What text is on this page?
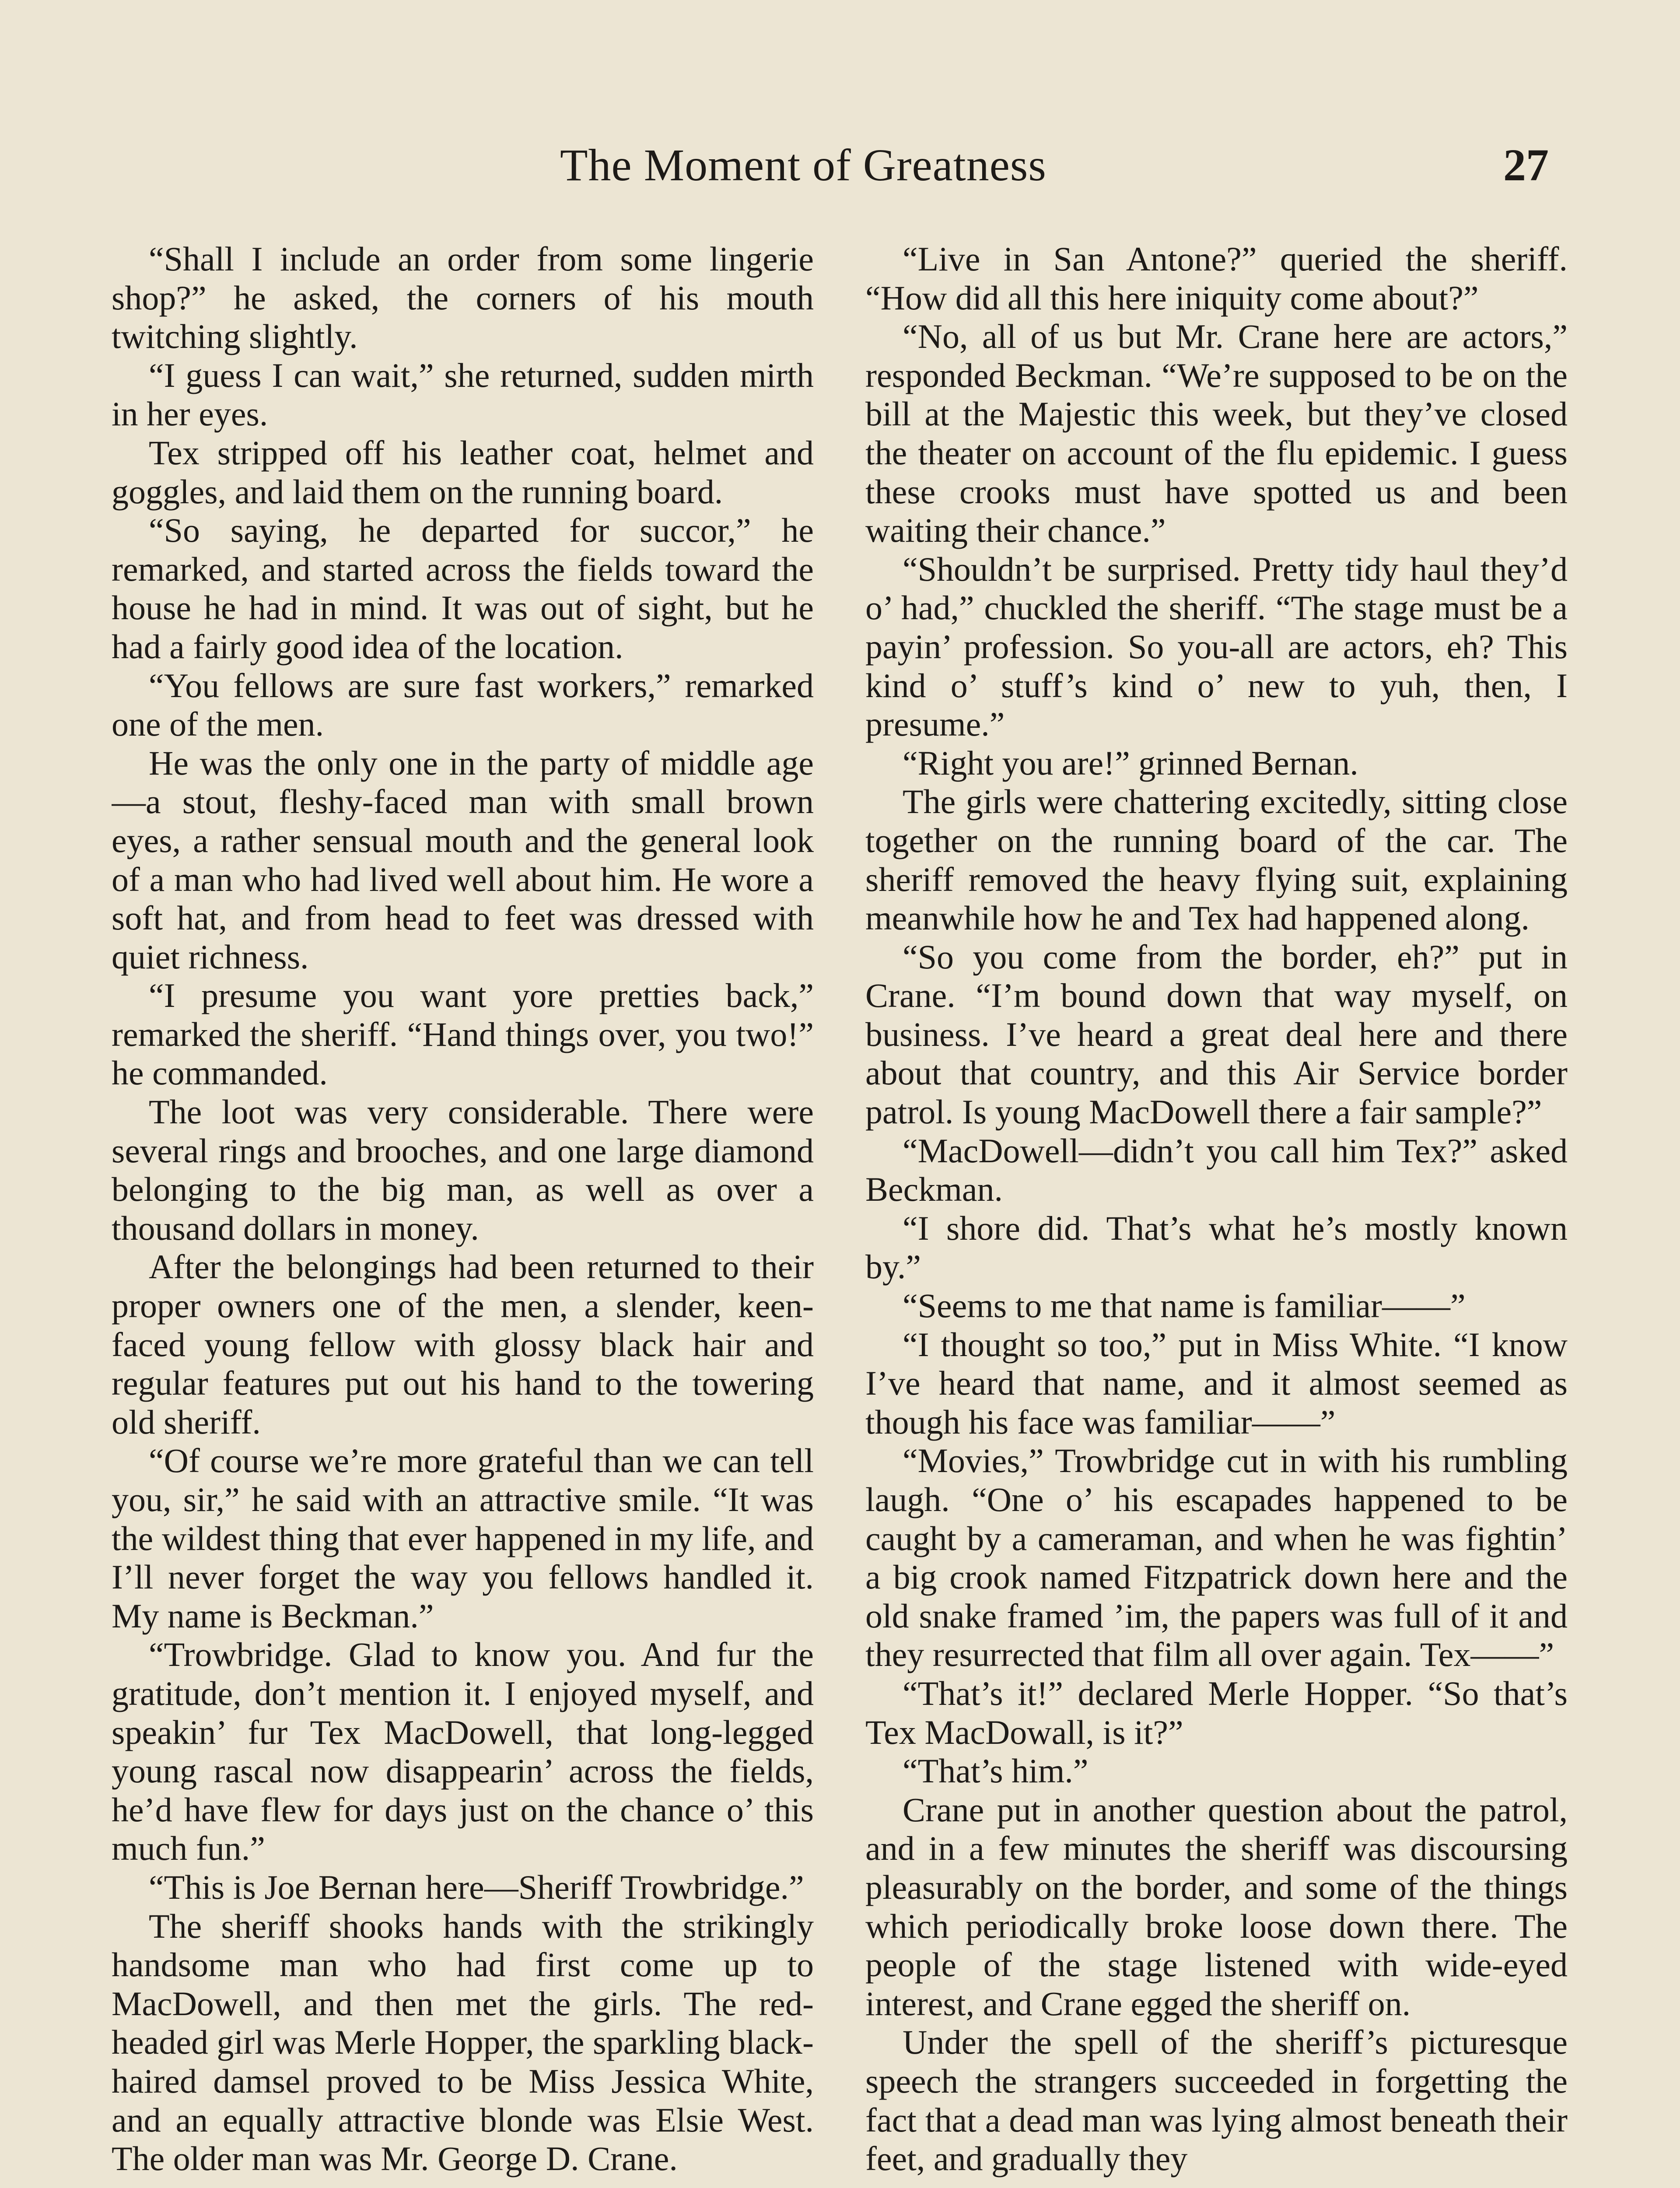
The Moment of Greatness	27

“Shall I include an order from some lingerie shop?” he asked, the corners of his mouth twitching slightly.

“I guess I can wait,” she returned, sudden mirth in her eyes.

Tex stripped off his leather coat, helmet and goggles, and laid them on the running board.

“So saying, he departed for succor,” he remarked, and started across the fields toward the house he had in mind. It was out of sight, but he had a fairly good idea of the location.

“You fellows are sure fast workers,” remarked one of the men.

He was the only one in the party of middle age—a stout, fleshy-faced man with small brown eyes, a rather sensual mouth and the general look of a man who had lived well about him. He wore a soft hat, and from head to feet was dressed with quiet richness.

“I presume you want yore pretties back,” remarked the sheriff. “Hand things over, you two!” he commanded.

The loot was very considerable. There were several rings and brooches, and one large diamond belonging to the big man, as well as over a thousand dollars in money.

After the belongings had been returned to their proper owners one of the men, a slender, keen-faced young fellow with glossy black hair and regular features put out his hand to the towering old sheriff.

“Of course we’re more grateful than we can tell you, sir,” he said with an attractive smile. “It was the wildest thing that ever happened in my life, and I’ll never forget the way you fellows handled it. My name is Beckman.”

“Trowbridge. Glad to know you. And fur the gratitude, don’t mention it. I enjoyed myself, and speakin’ fur Tex MacDowell, that long-legged young rascal now disappearin’ across the fields, he’d have flew for days just on the chance o’ this much fun.”

“This is Joe Bernan here—Sheriff Trowbridge.”

The sheriff shooks hands with the strikingly handsome man who had first come up to MacDowell, and then met the girls. The red-headed girl was Merle Hopper, the sparkling black-haired damsel proved to be Miss Jessica White, and an equally attractive blonde was Elsie West. The older man was Mr. George D. Crane.

“Live in San Antone?” queried the sheriff. “How did all this here iniquity come about?”

“No, all of us but Mr. Crane here are actors,” responded Beckman. “We’re supposed to be on the bill at the Majestic this week, but they’ve closed the theater on account of the flu epidemic. I guess these crooks must have spotted us and been waiting their chance.”

“Shouldn’t be surprised. Pretty tidy haul they’d o’ had,” chuckled the sheriff. “The stage must be a payin’ profession. So you-all are actors, eh? This kind o’ stuff’s kind o’ new to yuh, then, I presume.”

“Right you are!” grinned Bernan.

The girls were chattering excitedly, sitting close together on the running board of the car. The sheriff removed the heavy flying suit, explaining meanwhile how he and Tex had happened along.

“So you come from the border, eh?” put in Crane. “I’m bound down that way myself, on business. I’ve heard a great deal here and there about that country, and this Air Service border patrol. Is young MacDowell there a fair sample?”

“MacDowell—didn’t you call him Tex?” asked Beckman.

“I shore did. That’s what he’s mostly known by.”

“Seems to me that name is familiar——”

“I thought so too,” put in Miss White. “I know I’ve heard that name, and it almost seemed as though his face was familiar——”

“Movies,” Trowbridge cut in with his rumbling laugh. “One o’ his escapades happened to be caught by a cameraman, and when he was fightin’ a big crook named Fitzpatrick down here and the old snake framed ’im, the papers was full of it and they resurrected that film all over again. Tex——”

“That’s it!” declared Merle Hopper. “So that’s Tex MacDowall, is it?”

“That’s him.”

Crane put in another question about the patrol, and in a few minutes the sheriff was discoursing pleasurably on the border, and some of the things which periodically broke loose down there. The people of the stage listened with wide-eyed interest, and Crane egged the sheriff on.

Under the spell of the sheriff’s picturesque speech the strangers succeeded in forgetting the fact that a dead man was lying almost beneath their feet, and gradually they
